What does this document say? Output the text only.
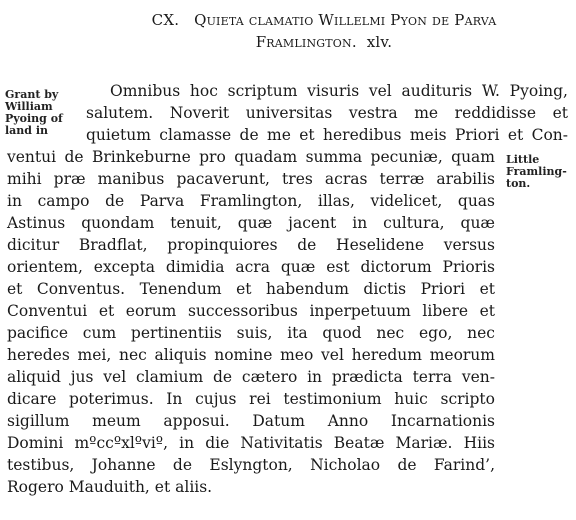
CX. Quieta clamatio Willelmi Pyon de Parva
Framlington. xlv.
Grant by
William
Pyoing of
land in
Little
Framling-
ton.
Omnibus hoc scriptum visuris vel audituris W. Pyoing,
salutem. Noverit universitas vestra me reddidisse et
quietum clamasse de me et heredibus meis Priori et Con-
ventui de Brinkeburne pro quadam summa pecuniæ, quam
mihi præ manibus pacaverunt, tres acras terræ arabilis
in campo de Parva Framlington, illas, videlicet, quas
Astinus quondam tenuit, quæ jacent in cultura, quæ
dicitur Bradflat, propinquiores de Heselidene versus
orientem, excepta dimidia acra quæ est dictorum Prioris
et Conventus. Tenendum et habendum dictis Priori et
Conventui et eorum successoribus inperpetuum libere et
pacifice cum pertinentiis suis, ita quod nec ego, nec
heredes mei, nec aliquis nomine meo vel heredum meorum
aliquid jus vel clamium de cætero in prædicta terra ven-
dicare poterimus. In cujus rei testimonium huic scripto
sigillum meum apposui. Datum Anno Incarnationis
Domini mºccºxlºviº, in die Nativitatis Beatæ Mariæ. Hiis
testibus, Johanne de Eslyngton, Nicholao de Farind’,
Rogero Mauduith, et aliis.
